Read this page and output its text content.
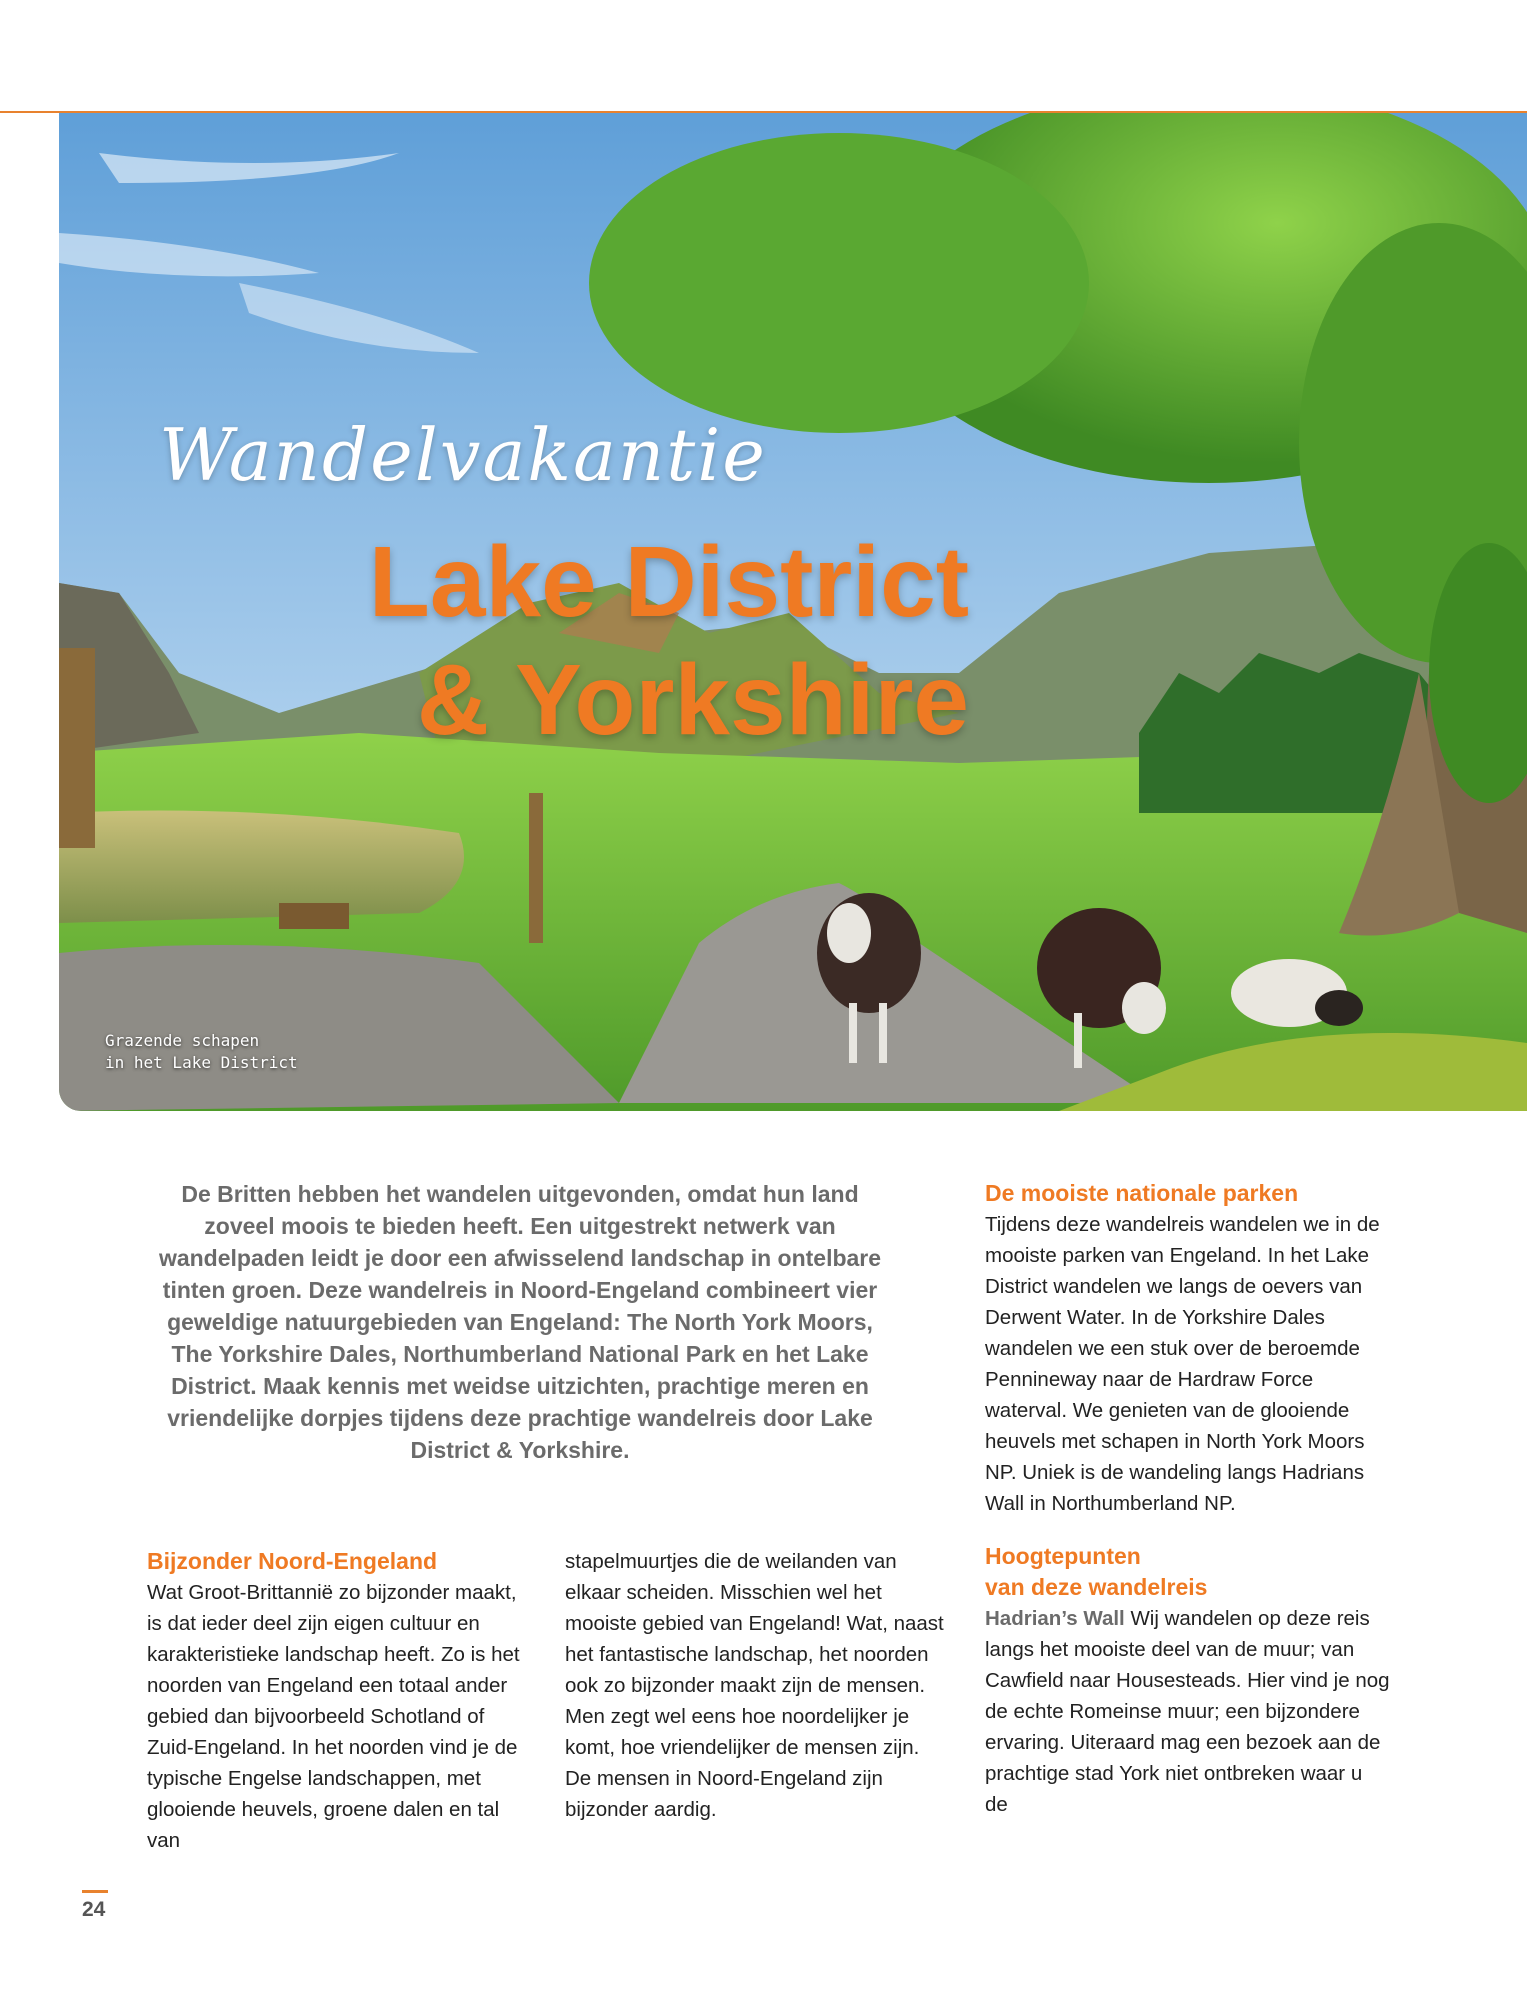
Wandelvakantie
Lake District
& Yorkshire
Grazende schapen
in het Lake District
De Britten hebben het wandelen uitgevonden, omdat hun land zoveel moois te bieden heeft. Een uitgestrekt netwerk van wandelpaden leidt je door een afwisselend landschap in ontelbare tinten groen. Deze wandelreis in Noord-Engeland combineert vier geweldige natuurgebieden van Engeland: The North York Moors, The Yorkshire Dales, Northumberland National Park en het Lake District. Maak kennis met weidse uitzichten, prachtige meren en vriendelijke dorpjes tijdens deze prachtige wandelreis door Lake District & Yorkshire.
Bijzonder Noord-Engeland

Wat Groot-Brittannië zo bijzonder maakt, is dat ieder deel zijn eigen cultuur en karakteristieke landschap heeft. Zo is het noorden van Engeland een totaal ander gebied dan bijvoorbeeld Schotland of Zuid-Engeland. In het noorden vind je de typische Engelse landschappen, met glooiende heuvels, groene dalen en tal van

stapelmuurtjes die de weilanden van elkaar scheiden. Misschien wel het mooiste gebied van Engeland! Wat, naast het fantastische landschap, het noorden ook zo bijzonder maakt zijn de mensen. Men zegt wel eens hoe noordelijker je komt, hoe vriendelijker de mensen zijn. De mensen in Noord-Engeland zijn bijzonder aardig.

De mooiste nationale parken

Tijdens deze wandelreis wandelen we in de mooiste parken van Engeland. In het Lake District wandelen we langs de oevers van Derwent Water. In de Yorkshire Dales wandelen we een stuk over de beroemde Pennineway naar de Hardraw Force waterval. We genieten van de glooiende heuvels met schapen in North York Moors NP. Uniek is de wandeling langs Hadrians Wall in Northumberland NP.

Hoogtepunten
van deze wandelreis

Hadrian’s Wall Wij wandelen op deze reis langs het mooiste deel van de muur; van Cawfield naar Housesteads. Hier vind je nog de echte Romeinse muur; een bijzondere ervaring. Uiteraard mag een bezoek aan de prachtige stad York niet ontbreken waar u de

24
